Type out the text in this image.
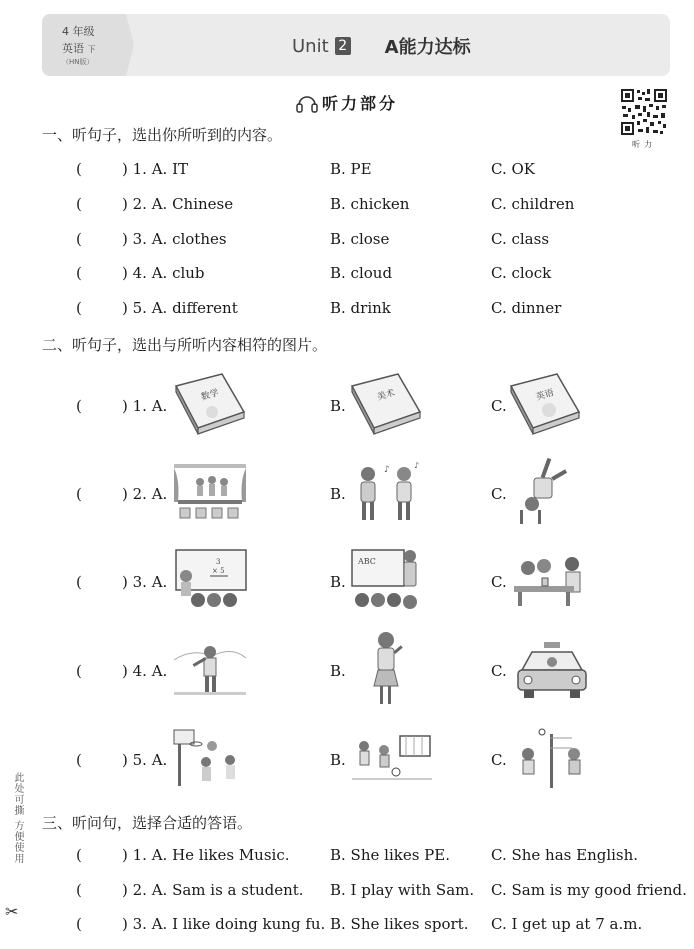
4 年级
英语 下
（HN版）
Unit 2 A能力达标
听力部分
听力
一、听句子，选出你所听到的内容。
(	) 1. A. IT	B. PE	C. OK
(	) 2. A. Chinese	B. chicken	C. children
(	) 3. A. clothes	B. close	C. class
(	) 4. A. club	B. cloud	C. clock
(	) 5. A. different	B. drink	C. dinner
二、听句子，选出与所听内容相符的图片。
(	) 1. A.	B.	C.
数学	美术	英语
(	) 2. A.	B.	C.
♪	♪
(	) 3. A.	B.	C.
3
× 5
ABC
(	) 4. A.	B.	C.
(	) 5. A.	B.	C.
三、听问句，选择合适的答语。
(	) 1. A. He likes Music.	B. She likes PE.	C. She has English.
(	) 2. A. Sam is a student. B. I play with Sam. C. Sam is my good friend.
(	) 3. A. I like doing kung fu. B. She likes sport. C. I get up at 7 a.m.
此处可撕 方便使用
✂
